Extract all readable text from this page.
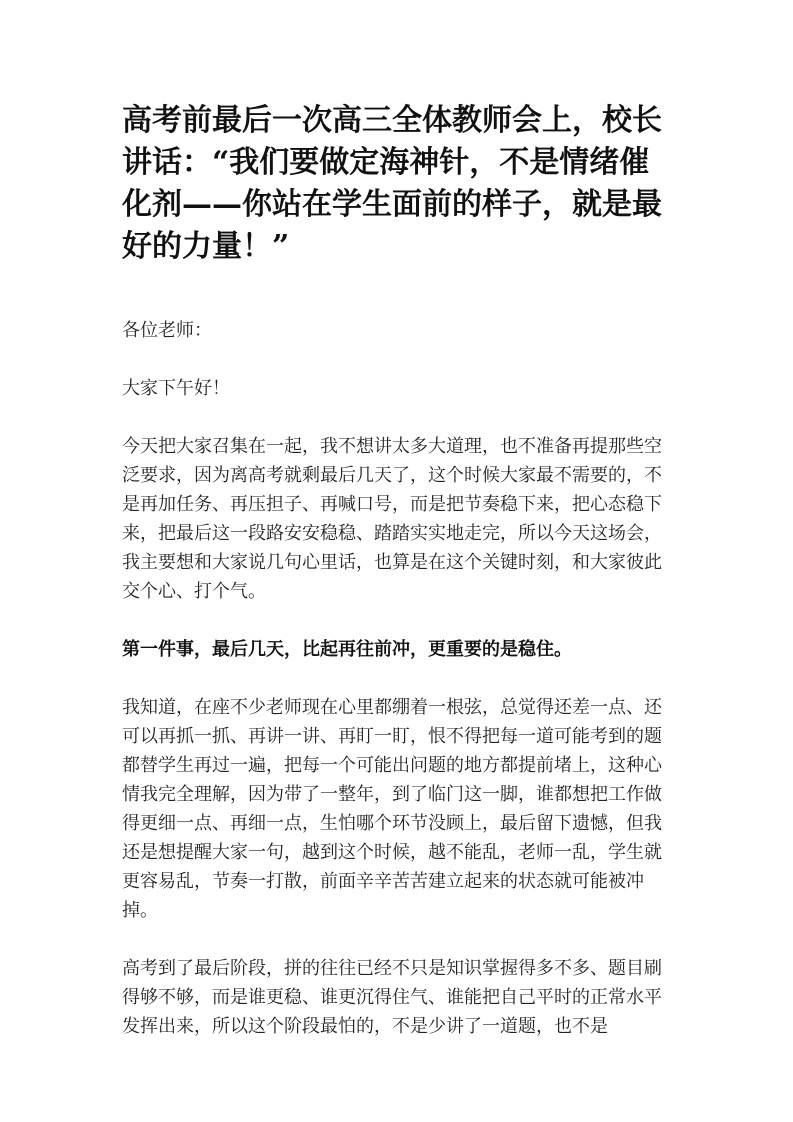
高考前最后一次高三全体教师会上，校长讲话：“我们要做定海神针，不是情绪催化剂——你站在学生面前的样子，就是最好的力量！”

各位老师：

大家下午好！

今天把大家召集在一起，我不想讲太多大道理，也不准备再提那些空泛要求，因为离高考就剩最后几天了，这个时候大家最不需要的，不是再加任务、再压担子、再喊口号，而是把节奏稳下来，把心态稳下来，把最后这一段路安安稳稳、踏踏实实地走完，所以今天这场会，我主要想和大家说几句心里话，也算是在这个关键时刻，和大家彼此交个心、打个气。

第一件事，最后几天，比起再往前冲，更重要的是稳住。

我知道，在座不少老师现在心里都绷着一根弦，总觉得还差一点、还可以再抓一抓、再讲一讲、再盯一盯，恨不得把每一道可能考到的题都替学生再过一遍，把每一个可能出问题的地方都提前堵上，这种心情我完全理解，因为带了一整年，到了临门这一脚，谁都想把工作做得更细一点、再细一点，生怕哪个环节没顾上，最后留下遗憾，但我还是想提醒大家一句，越到这个时候，越不能乱，老师一乱，学生就更容易乱，节奏一打散，前面辛辛苦苦建立起来的状态就可能被冲掉。

高考到了最后阶段，拼的往往已经不只是知识掌握得多不多、题目刷得够不够，而是谁更稳、谁更沉得住气、谁能把自己平时的正常水平发挥出来，所以这个阶段最怕的，不是少讲了一道题，也不是
